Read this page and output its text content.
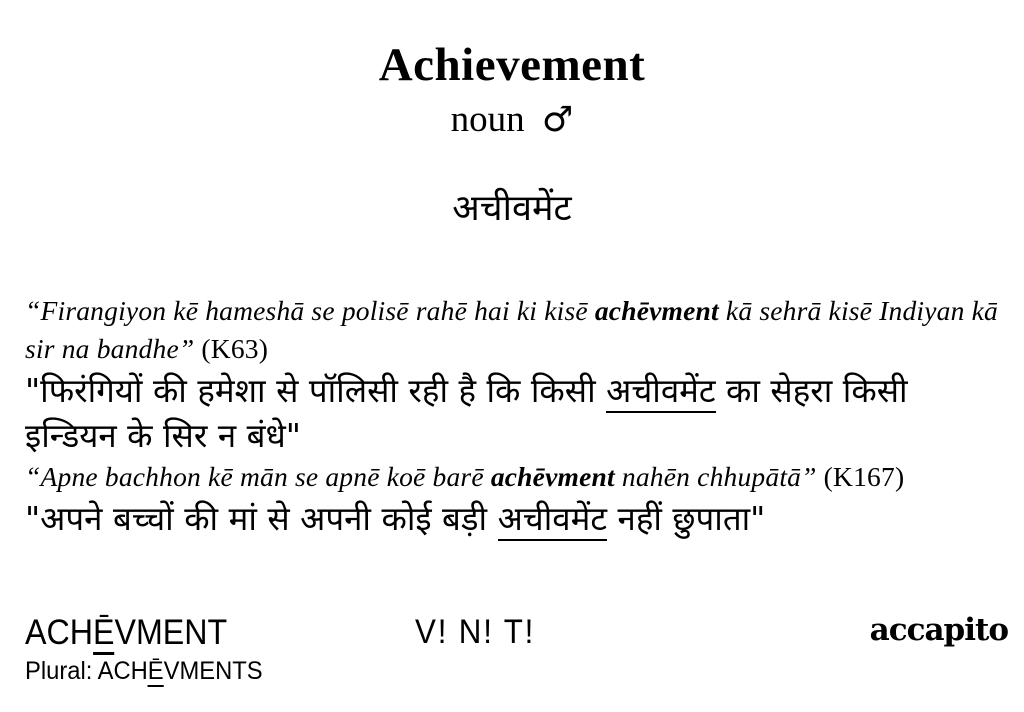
Achievement
noun ♂
अचीवमेंट

“Firangiyon kē hameshā se polisē rahē hai ki kisē achēvment kā sehrā kisē Indiyan kā sir na bandhe” (K63)

"फिरंगियों की हमेशा से पॉलिसी रही है कि किसी अचीवमेंट का सेहरा किसी इन्डियन के सिर न बंधे"

“Apne bachhon kē mān se apnē koē barē achēvment nahēn chhupātā” (K167)

"अपने बच्चों की मां से अपनी कोई बड़ी अचीवमेंट नहीं छुपाता"

ACHĒVMENT	V! N! T!	accapito
Plural: ACHĒVMENTS
